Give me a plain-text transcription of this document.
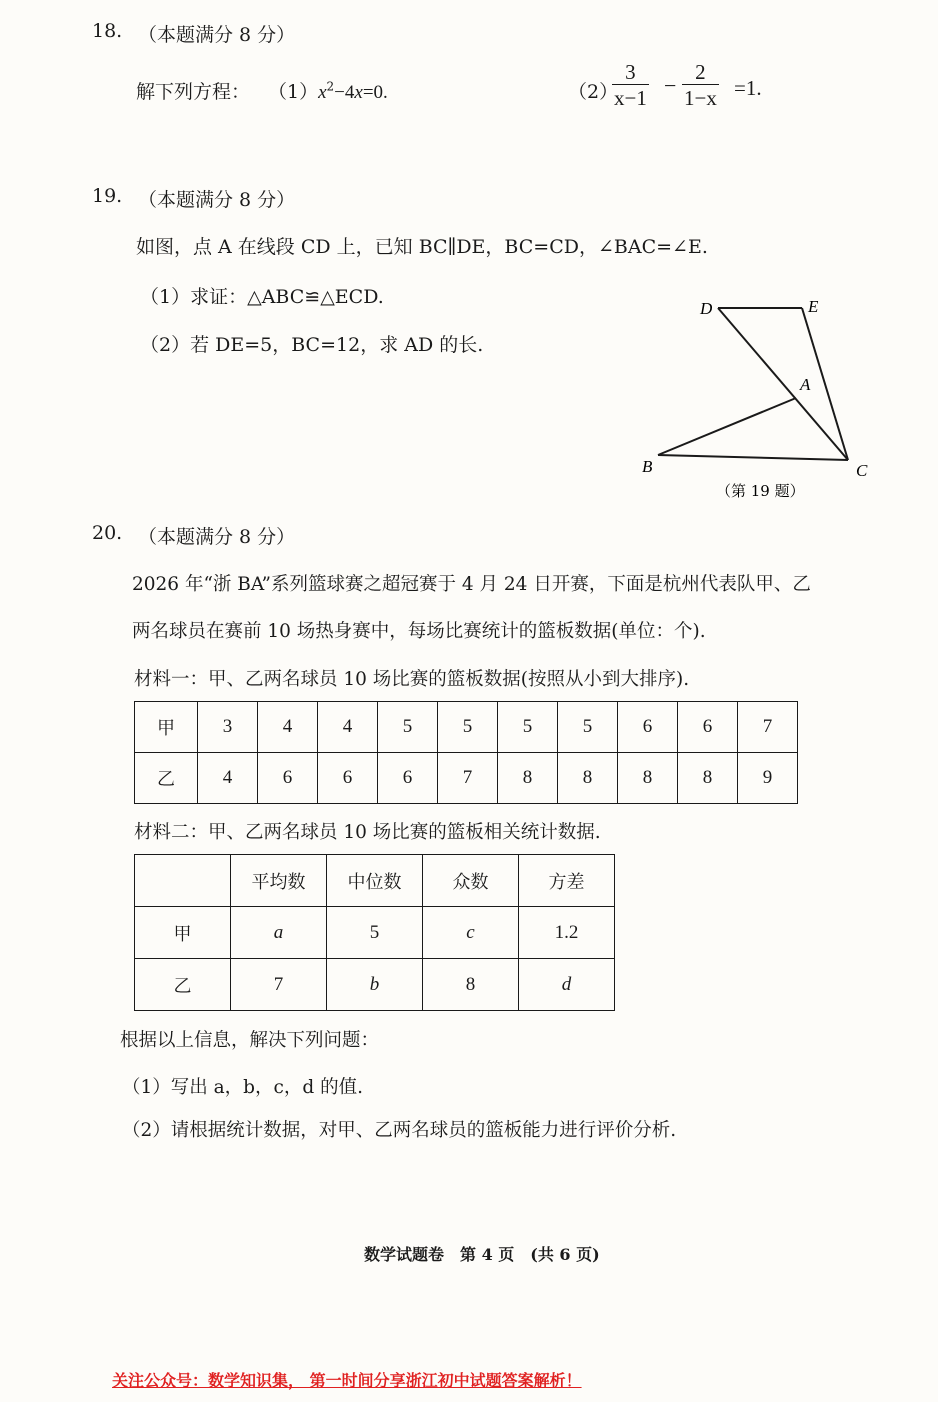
18. （本题满分 8 分）
解下列方程： $(1)x^2-4x=0$.	（2）
3
x−1 −
2
1−x =1.
19. （本题满分 8 分）
如图，点 A 在线段 CD 上，已知 BC∥DE，BC=CD，∠BAC=∠E.
（1）求证：△ABC≌△ECD.
（2）若 DE=5，BC=12，求 AD 的长.
D	E
A
B	C
（第 19 题）
20. （本题满分 8 分）
2026 年“浙 BA”系列篮球赛之超冠赛于 4 月 24 日开赛，下面是杭州代表队甲、乙
两名球员在赛前 10 场热身赛中，每场比赛统计的篮板数据(单位：个).
材料一：甲、乙两名球员 10 场比赛的篮板数据(按照从小到大排序).
甲	3	4	4	5	5	5	5	6	6	7
乙	4	6	6	6	7	8	8	8	8	9
材料二：甲、乙两名球员 10 场比赛的篮板相关统计数据.
	平均数	中位数	众数	方差
甲	a	5	c	1.2
乙	7	b	8	d
根据以上信息，解决下列问题：
（1）写出 a，b，c，d 的值.
（2）请根据统计数据，对甲、乙两名球员的篮板能力进行评价分析.
数学试题卷　第 4 页　(共 6 页)
关注公众号：数学知识集， 第一时间分享浙江初中试题答案解析！
